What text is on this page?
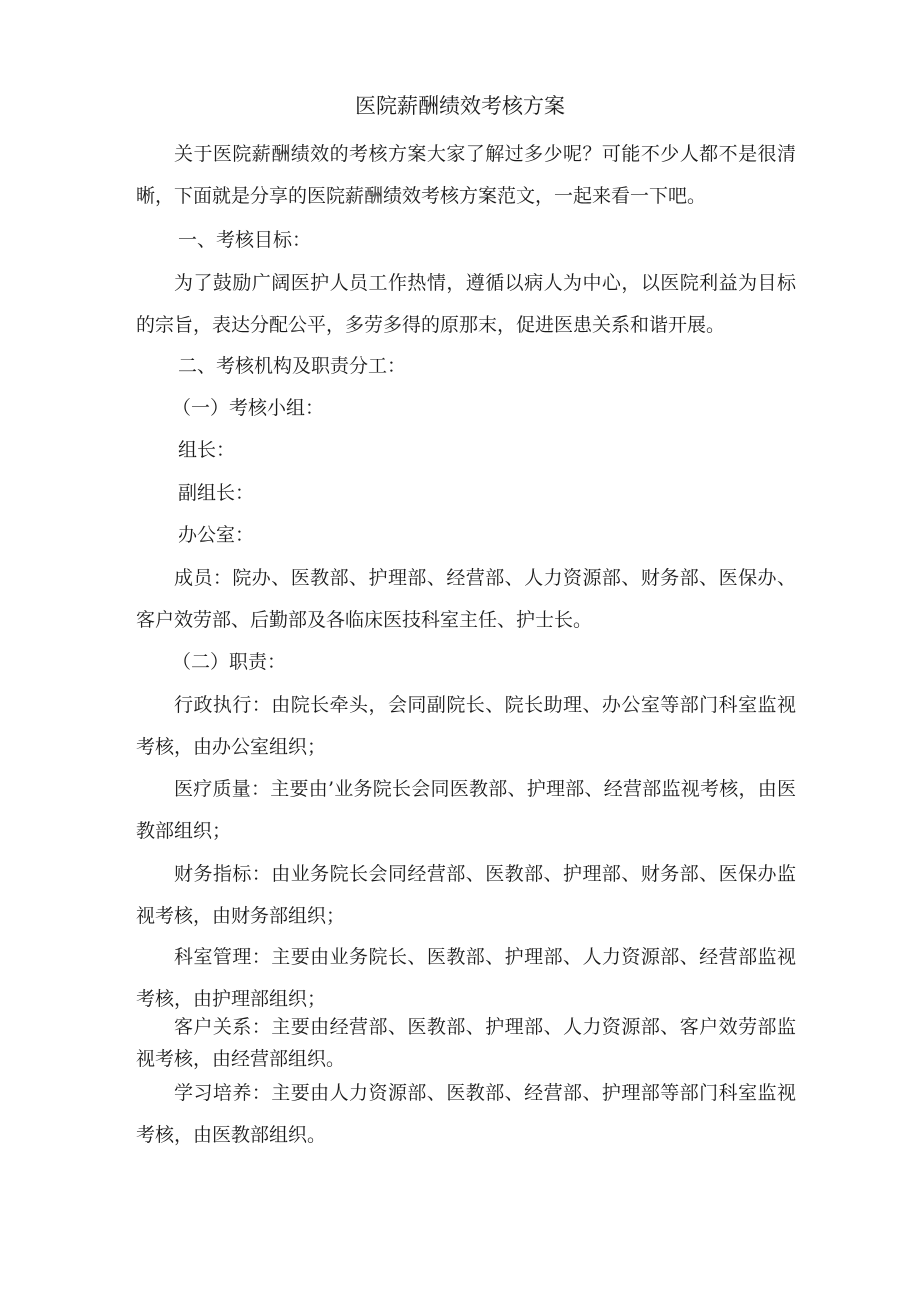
医院薪酬绩效考核方案

关于医院薪酬绩效的考核方案大家了解过多少呢？可能不少人都不是很清晰，下面就是分享的医院薪酬绩效考核方案范文，一起来看一下吧。

一、考核目标：

为了鼓励广阔医护人员工作热情，遵循以病人为中心，以医院利益为目标的宗旨，表达分配公平，多劳多得的原那末，促进医患关系和谐开展。

二、考核机构及职责分工：

（一）考核小组：

组长：

副组长：

办公室：

成员：院办、医教部、护理部、经营部、人力资源部、财务部、医保办、客户效劳部、后勤部及各临床医技科室主任、护士长。

（二）职责：

行政执行：由院长牵头，会同副院长、院长助理、办公室等部门科室监视考核，由办公室组织；

医疗质量：主要由’业务院长会同医教部、护理部、经营部监视考核，由医教部组织；

财务指标：由业务院长会同经营部、医教部、护理部、财务部、医保办监视考核，由财务部组织；

科室管理：主要由业务院长、医教部、护理部、人力资源部、经营部监视考核，由护理部组织；

客户关系：主要由经营部、医教部、护理部、人力资源部、客户效劳部监视考核，由经营部组织。

学习培养：主要由人力资源部、医教部、经营部、护理部等部门科室监视考核，由医教部组织。
